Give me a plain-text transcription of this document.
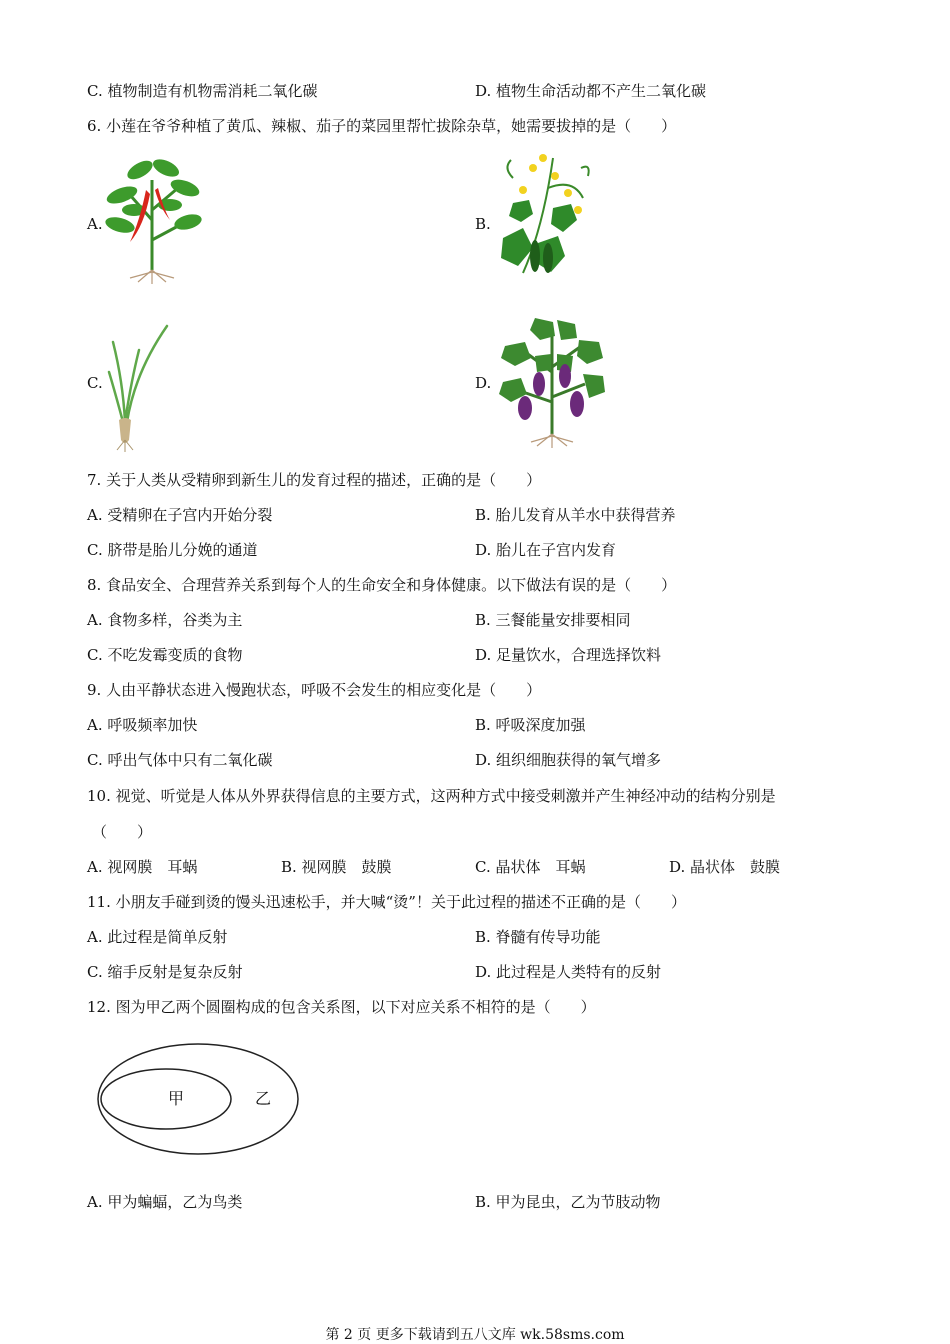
C. 植物制造有机物需消耗二氧化碳	D. 植物生命活动都不产生二氧化碳
6. 小莲在爷爷种植了黄瓜、辣椒、茄子的菜园里帮忙拔除杂草，她需要拔掉的是（　　）
A.	B.
C.	D.
7. 关于人类从受精卵到新生儿的发育过程的描述，正确的是（　　）
A. 受精卵在子宫内开始分裂	B. 胎儿发育从羊水中获得营养
C. 脐带是胎儿分娩的通道	D. 胎儿在子宫内发育
8. 食品安全、合理营养关系到每个人的生命安全和身体健康。以下做法有误的是（　　）
A. 食物多样，谷类为主	B. 三餐能量安排要相同
C. 不吃发霉变质的食物	D. 足量饮水，合理选择饮料
9. 人由平静状态进入慢跑状态，呼吸不会发生的相应变化是（　　）
A. 呼吸频率加快	B. 呼吸深度加强
C. 呼出气体中只有二氧化碳	D. 组织细胞获得的氧气增多
10. 视觉、听觉是人体从外界获得信息的主要方式，这两种方式中接受刺激并产生神经冲动的结构分别是
（　　）
A. 视网膜　耳蜗	B. 视网膜　鼓膜	C. 晶状体　耳蜗	D. 晶状体　鼓膜
11. 小朋友手碰到烫的馒头迅速松手，并大喊“烫”！关于此过程的描述不正确的是（　　）
A. 此过程是简单反射	B. 脊髓有传导功能
C. 缩手反射是复杂反射	D. 此过程是人类特有的反射
12. 图为甲乙两个圆圈构成的包含关系图，以下对应关系不相符的是（　　）
甲	乙
A. 甲为蝙蝠，乙为鸟类	B. 甲为昆虫，乙为节肢动物
第 2 页 更多下载请到五八文库 wk.58sms.com
